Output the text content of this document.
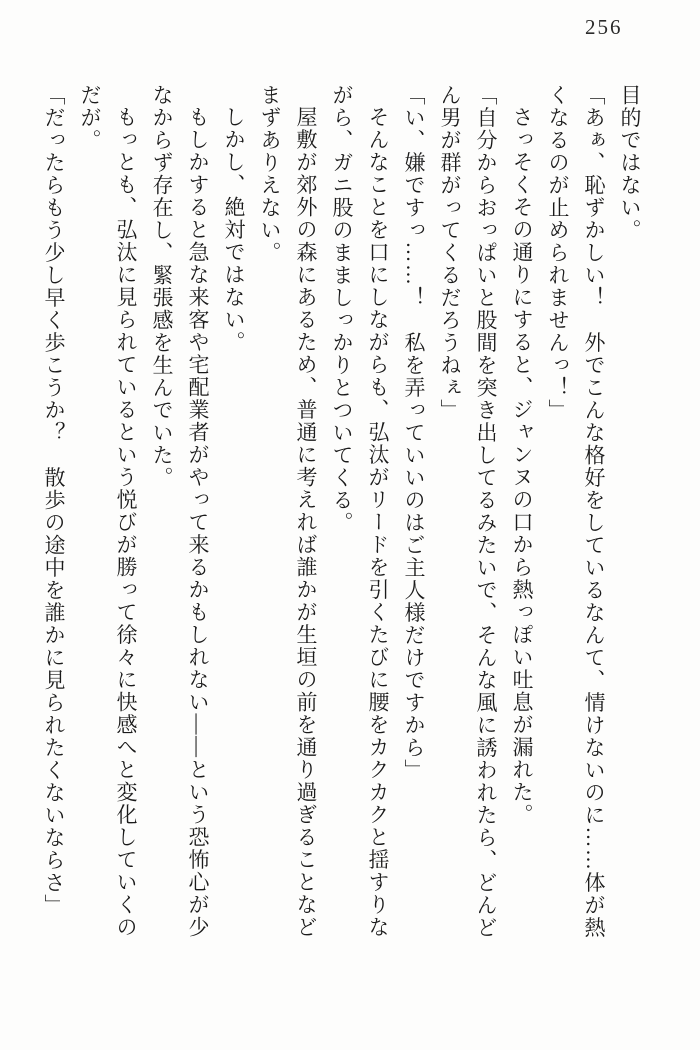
256

目的ではない。

「あぁ、恥ずかしい！　外でこんな格好をしているなんて、情けないのに……体が熱

くなるのが止められませんっ！」

さっそくその通りにすると、ジャンヌの口から熱っぽい吐息が漏れた。

「自分からおっぱいと股間を突き出してるみたいで、そんな風に誘われたら、どんど

ん男が群がってくるだろうねぇ」

「い、嫌ですっ……！　私を弄っていいのはご主人様だけですから」

そんなことを口にしながらも、弘汰がリードを引くたびに腰をカクカクと揺すりな

がら、ガニ股のまましっかりとついてくる。

屋敷が郊外の森にあるため、普通に考えれば誰かが生垣の前を通り過ぎることなど

まずありえない。

しかし、絶対ではない。

もしかすると急な来客や宅配業者がやって来るかもしれない――という恐怖心が少

なからず存在し、緊張感を生んでいた。

もっとも、弘汰に見られているという悦びが勝って徐々に快感へと変化していくの

だが。

「だったらもう少し早く歩こうか？　散歩の途中を誰かに見られたくないならさ」
